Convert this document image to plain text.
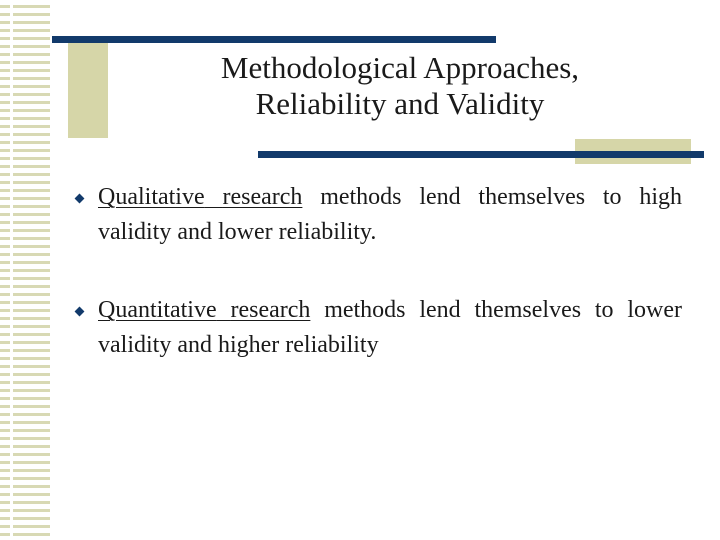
Methodological Approaches,
Reliability and Validity
Qualitative research methods lend themselves to high validity and lower reliability.
Quantitative research methods lend themselves to lower validity and higher reliability
